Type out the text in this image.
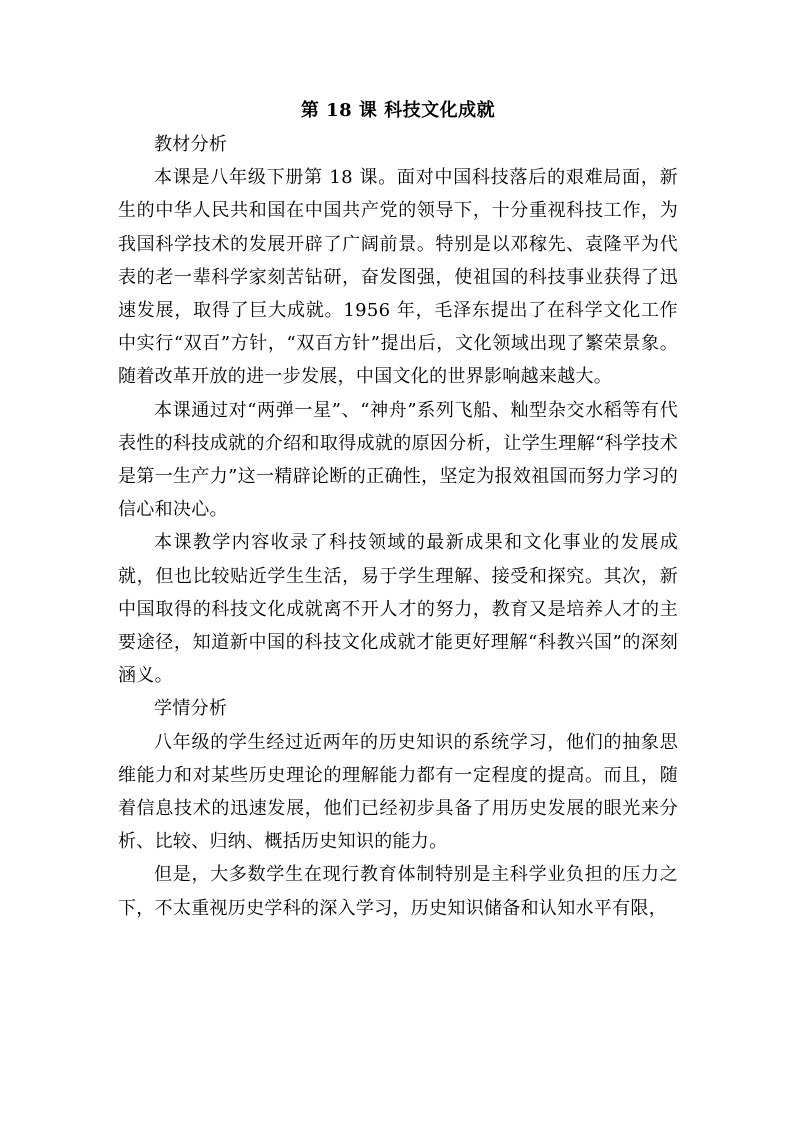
第 18 课 科技文化成就

教材分析

本课是八年级下册第 18 课。面对中国科技落后的艰难局面，新生的中华人民共和国在中国共产党的领导下，十分重视科技工作，为我国科学技术的发展开辟了广阔前景。特别是以邓稼先、袁隆平为代表的老一辈科学家刻苦钻研，奋发图强，使祖国的科技事业获得了迅速发展，取得了巨大成就。1956 年，毛泽东提出了在科学文化工作中实行“双百”方针，“双百方针”提出后，文化领域出现了繁荣景象。随着改革开放的进一步发展，中国文化的世界影响越来越大。

本课通过对“两弹一星”、“神舟”系列飞船、籼型杂交水稻等有代表性的科技成就的介绍和取得成就的原因分析，让学生理解“科学技术是第一生产力”这一精辟论断的正确性，坚定为报效祖国而努力学习的信心和决心。

本课教学内容收录了科技领域的最新成果和文化事业的发展成就，但也比较贴近学生生活，易于学生理解、接受和探究。其次，新中国取得的科技文化成就离不开人才的努力，教育又是培养人才的主要途径，知道新中国的科技文化成就才能更好理解“科教兴国”的深刻涵义。

学情分析

八年级的学生经过近两年的历史知识的系统学习，他们的抽象思维能力和对某些历史理论的理解能力都有一定程度的提高。而且，随着信息技术的迅速发展，他们已经初步具备了用历史发展的眼光来分析、比较、归纳、概括历史知识的能力。

但是，大多数学生在现行教育体制特别是主科学业负担的压力之下，不太重视历史学科的深入学习，历史知识储备和认知水平有限，
